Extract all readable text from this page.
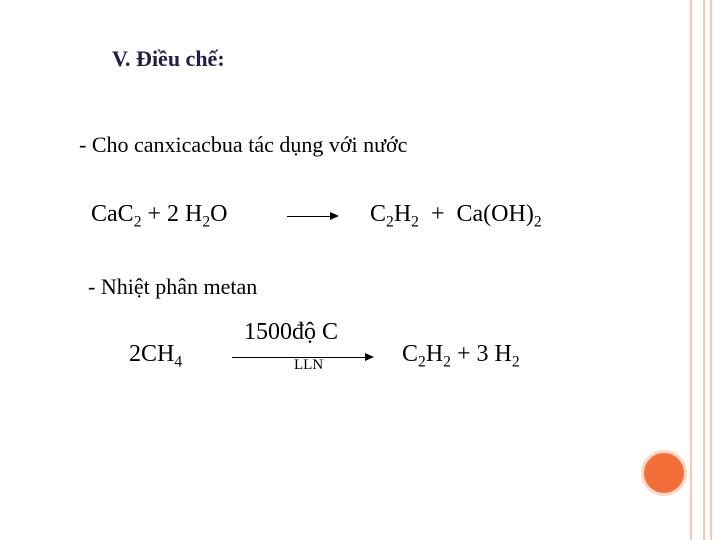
V. Điều chế:
- Cho canxicacbua tác dụng với nước
CaC$_2$ + 2 $H_2O$	$C_2H_2 + Ca(OH)_2$
- Nhiệt phân metan
$2CH_4$
1500độ C
LLN	$C_2H_2 + 3$ $H_2$
